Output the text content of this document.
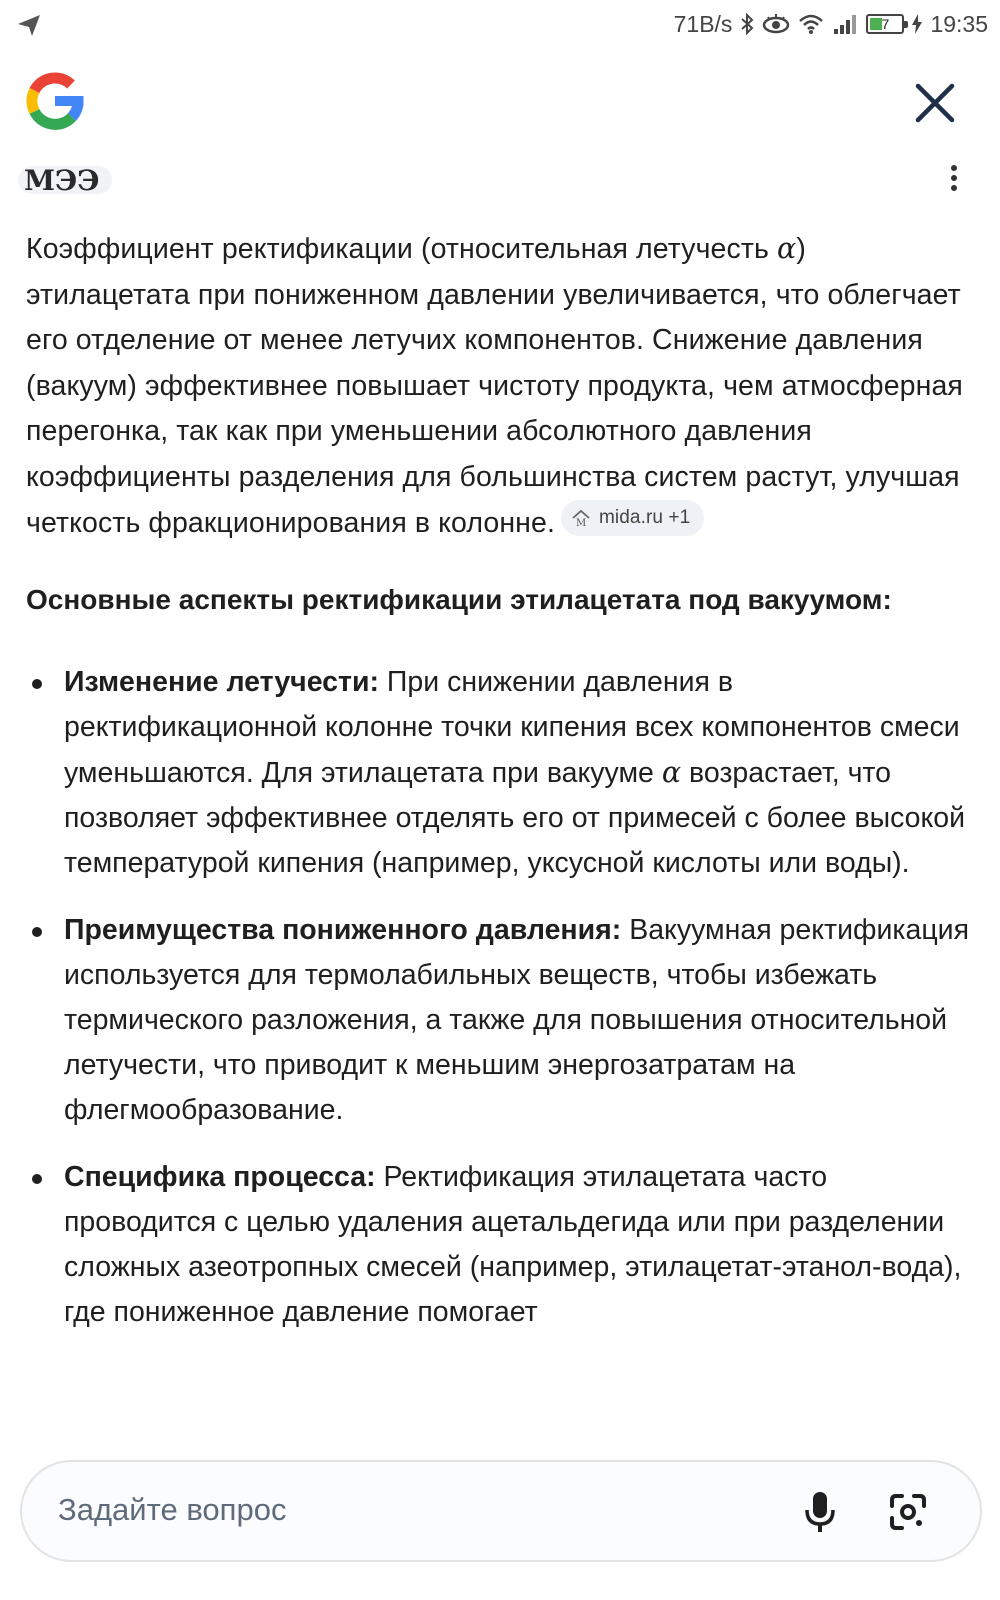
71B/s	7 19:35
MЭЭ

Коэффициент ректификации (относительная летучесть α) этилацетата при пониженном давлении увеличивается, что облегчает его отделение от менее летучих компонентов. Снижение давления (вакуум) эффективнее повышает чистоту продукта, чем атмосферная перегонка, так как при уменьшении абсолютного давления коэффициенты разделения для большинства систем растут, улучшая четкость фракционирования в колонне. M mida.ru +1

Основные аспекты ректификации этилацетата под вакуумом:

Изменение летучести: При снижении давления в ректификационной колонне точки кипения всех компонентов смеси уменьшаются. Для этилацетата при вакууме α возрастает, что позволяет эффективнее отделять его от примесей с более высокой температурой кипения (например, уксусной кислоты или воды).
Преимущества пониженного давления: Вакуумная ректификация используется для термолабильных веществ, чтобы избежать термического разложения, а также для повышения относительной летучести, что приводит к меньшим энергозатратам на флегмообразование.
Специфика процесса: Ректификация этилацетата часто проводится с целью удаления ацетальдегида или при разделении сложных азеотропных смесей (например, этилацетат-этанол-вода), где пониженное давление помогает
Задайте вопрос
